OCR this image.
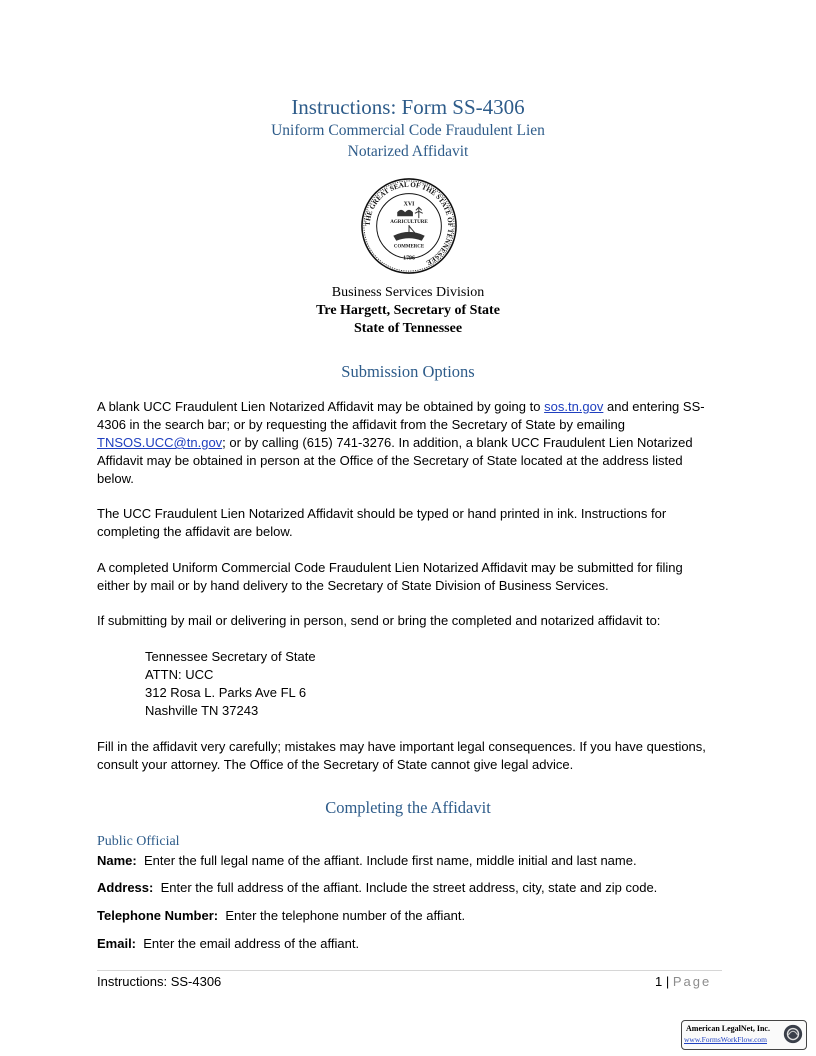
Instructions: Form SS-4306
Uniform Commercial Code Fraudulent Lien
Notarized Affidavit
THE GREAT SEAL OF THE STATE OF TENNESSEE
XVI
AGRICULTURE
COMMERCE
1796
Business Services Division
Tre Hargett, Secretary of State
State of Tennessee
Submission Options

A blank UCC Fraudulent Lien Notarized Affidavit may be obtained by going to sos.tn.gov and entering SS-4306 in the search bar; or by requesting the affidavit from the Secretary of State by emailing TNSOS.UCC@tn.gov; or by calling (615) 741-3276. In addition, a blank UCC Fraudulent Lien Notarized Affidavit may be obtained in person at the Office of the Secretary of State located at the address listed below.

The UCC Fraudulent Lien Notarized Affidavit should be typed or hand printed in ink. Instructions for completing the affidavit are below.

A completed Uniform Commercial Code Fraudulent Lien Notarized Affidavit may be submitted for filing either by mail or by hand delivery to the Secretary of State Division of Business Services.

If submitting by mail or delivering in person, send or bring the completed and notarized affidavit to:

Tennessee Secretary of State
ATTN: UCC
312 Rosa L. Parks Ave FL 6
Nashville TN 37243

Fill in the affidavit very carefully; mistakes may have important legal consequences. If you have questions, consult your attorney. The Office of the Secretary of State cannot give legal advice.

Completing the Affidavit
Public Official

Name: Enter the full legal name of the affiant. Include first name, middle initial and last name.

Address: Enter the full address of the affiant. Include the street address, city, state and zip code.

Telephone Number: Enter the telephone number of the affiant.

Email: Enter the email address of the affiant.

Instructions: SS-4306	1 | Page
American LegalNet, Inc.
www.FormsWorkFlow.com
